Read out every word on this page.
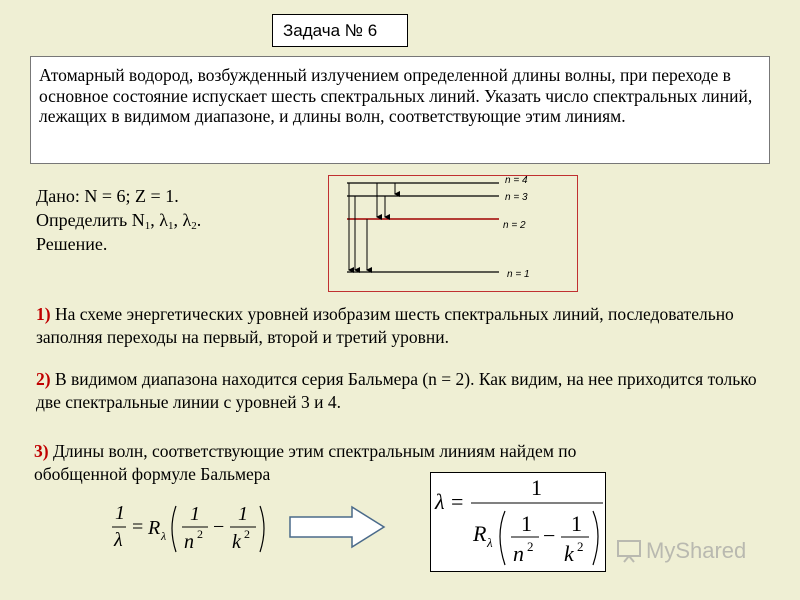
Задача № 6
Атомарный водород, возбужденный излучением определенной длины волны, при переходе в основное состояние испускает шесть спектральных линий. Указать число спектральных линий, лежащих в видимом диапазоне, и длины волн, соответствующие этим линиям.
Дано: N = 6; Z = 1.
Определить $N_1$, $\lambda_1$, $\lambda_2$.
Решение.
n = 4
n = 3
n = 2
n = 1
1) На схеме энергетических уровней изобразим шесть спектральных линий, последовательно заполняя переходы на первый, второй и третий уровни.
2) В видимом диапазона находится серия Бальмера (n = 2). Как видим, на нее приходится только две спектральные линии с уровней 3 и 4.
3) Длины волн, соответствующие этим спектральным линиям найдем по обобщенной формуле Бальмера
1
λ
= R λ
1
n 2 −
1
k 2
λ =
1
R λ
1
n 2 − 1
k 2	MyShared
